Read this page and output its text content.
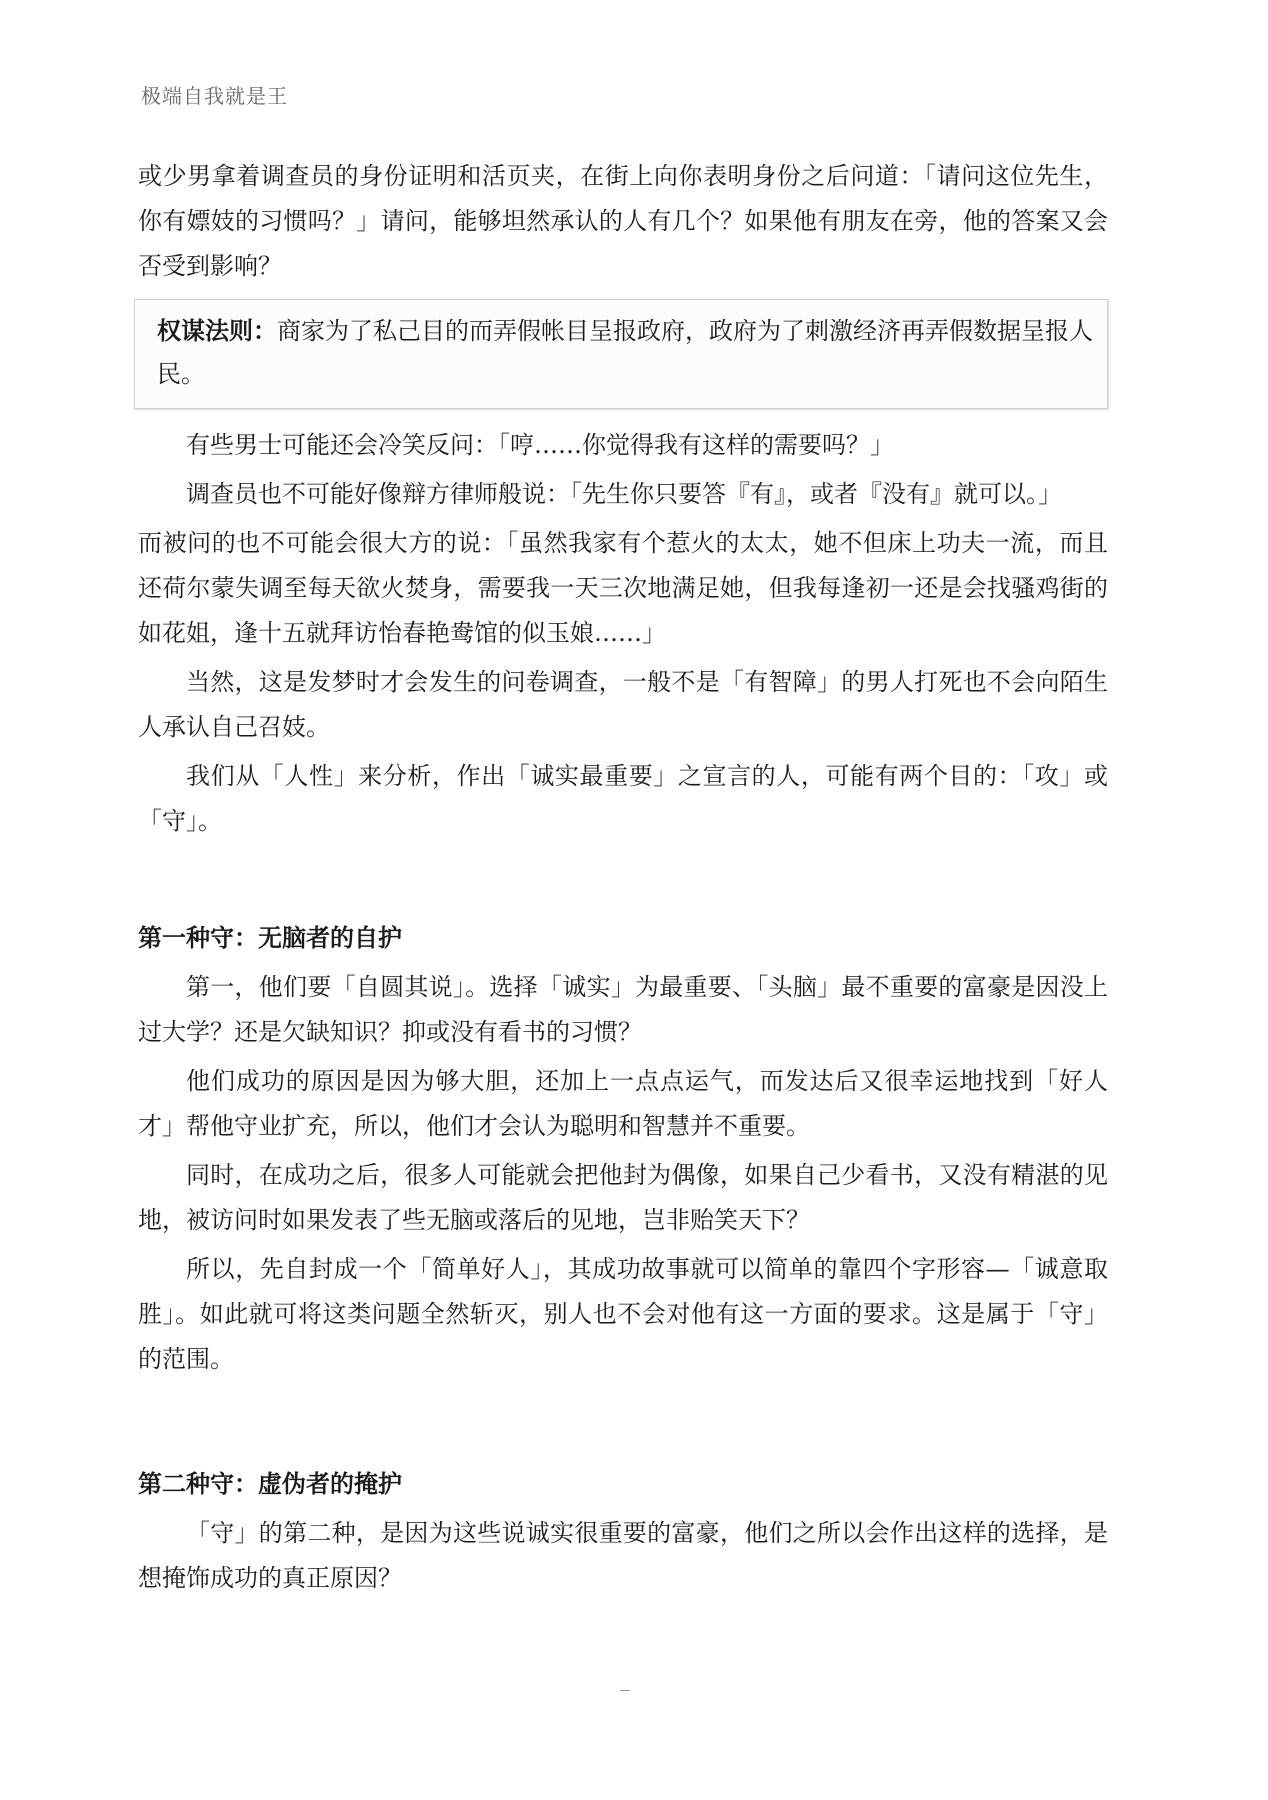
极端自我就是王

或少男拿着调查员的身份证明和活页夹，在街上向你表明身份之后问道：「请问这位先生，你有嫖妓的习惯吗？」请问，能够坦然承认的人有几个？如果他有朋友在旁，他的答案又会否受到影响？

权谋法则：商家为了私己目的而弄假帐目呈报政府，政府为了刺激经济再弄假数据呈报人民。

有些男士可能还会冷笑反问：「哼……你觉得我有这样的需要吗？」

调查员也不可能好像辩方律师般说：「先生你只要答『有』，或者『没有』就可以。」

而被问的也不可能会很大方的说：「虽然我家有个惹火的太太，她不但床上功夫一流，而且还荷尔蒙失调至每天欲火焚身，需要我一天三次地满足她，但我每逢初一还是会找骚鸡街的如花姐，逢十五就拜访怡春艳鸯馆的似玉娘……」

当然，这是发梦时才会发生的问卷调查，一般不是「有智障」的男人打死也不会向陌生人承认自己召妓。

我们从「人性」来分析，作出「诚实最重要」之宣言的人，可能有两个目的：「攻」或「守」。

第一种守：无脑者的自护

第一，他们要「自圆其说」。选择「诚实」为最重要、「头脑」最不重要的富豪是因没上过大学？还是欠缺知识？抑或没有看书的习惯？

他们成功的原因是因为够大胆，还加上一点点运气，而发达后又很幸运地找到「好人才」帮他守业扩充，所以，他们才会认为聪明和智慧并不重要。

同时，在成功之后，很多人可能就会把他封为偶像，如果自己少看书，又没有精湛的见地，被访问时如果发表了些无脑或落后的见地，岂非贻笑天下？

所以，先自封成一个「简单好人」，其成功故事就可以简单的靠四个字形容—「诚意取胜」。如此就可将这类问题全然斩灭，别人也不会对他有这一方面的要求。这是属于「守」的范围。

第二种守：虚伪者的掩护

「守」的第二种，是因为这些说诚实很重要的富豪，他们之所以会作出这样的选择，是想掩饰成功的真正原因？
